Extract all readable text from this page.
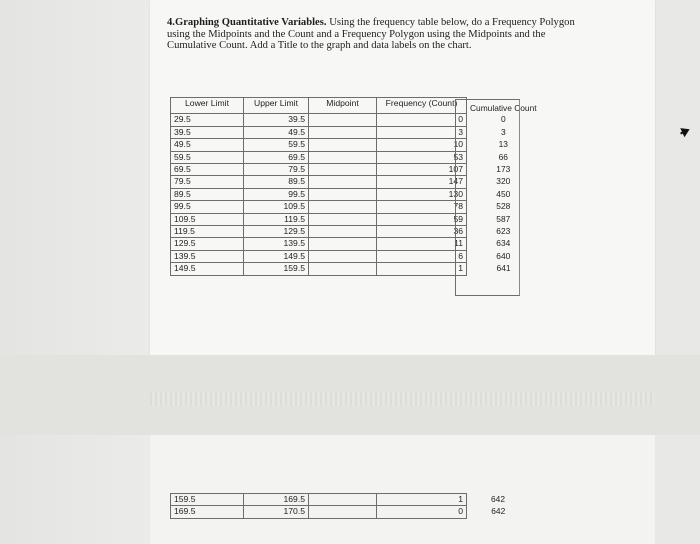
4.Graphing Quantitative Variables. Using the frequency table below, do a Frequency Polygon using the Midpoints and the Count and a Frequency Polygon using the Midpoints and the Cumulative Count. Add a Title to the graph and data labels on the chart.
Lower Limit	Upper Limit	Midpoint	Frequency (Count)	Cumulative Count
29.5	39.5		0	0
39.5	49.5		3	3
49.5	59.5		10	13
59.5	69.5		53	66
69.5	79.5		107	173
79.5	89.5		147	320
89.5	99.5		130	450
99.5	109.5		78	528
109.5	119.5		59	587
119.5	129.5		36	623
129.5	139.5		11	634
139.5	149.5		6	640
149.5	159.5		1	641
159.5	169.5		1	642
169.5	170.5		0	642
